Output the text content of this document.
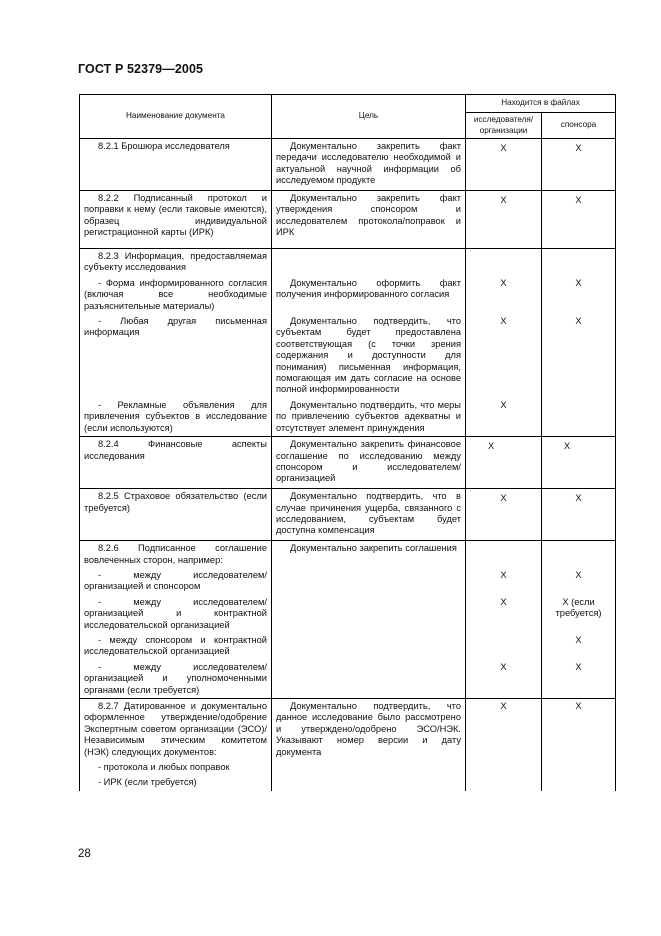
ГОСТ Р 52379—2005
Наименование документа	Цель	Находится в файлах	
		исследователя/ организации	спонсора
8.2.1 Брошюра исследователя	Документально закрепить факт передачи исследователю необходимой и актуальной научной информации об исследуемом продукте	X	X
8.2.2 Подписанный протокол и поправки к нему (если таковые имеются), образец индивидуальной регистрационной карты (ИРК)	Документально закрепить факт утверждения спонсором и исследователем протокола/поправок и ИРК	X	X
8.2.3 Информация, предоставляемая субъекту исследования			
- Форма информированного согласия (включая все необходимые разъяснительные материалы)	Документально оформить факт получения информированного согласия	X	X
- Любая другая письменная информация	Документально подтвердить, что субъектам будет предоставлена соответствующая (с точки зрения содержания и доступности для понимания) письменная информация, помогающая им дать согласие на основе полной информированности	X	X
- Рекламные объявления для привлечения субъектов в исследование (если используются)	Документально подтвердить, что меры по привлечению субъектов адекватны и отсутствует элемент принуждения	X	
8.2.4 Финансовые аспекты исследования	Документально закрепить финансовое соглашение по исследованию между спонсором и исследователем/организацией	X	X
8.2.5 Страховое обязательство (если требуется)	Документально подтвердить, что в случае причинения ущерба, связанного с исследованием, субъектам будет доступна компенсация	X	X
8.2.6 Подписанное соглашение вовлеченных сторон, например:	Документально закрепить соглашения		
- между исследователем/организацией и спонсором		X	X
- между исследователем/организацией и контрактной исследовательской организацией		X	X (если требуется)
- между спонсором и контрактной исследовательской организацией			X
- между исследователем/организацией и уполномоченными органами (если требуется)		X	X
8.2.7 Датированное и документально оформленное утверждение/одобрение Экспертным советом организации (ЭСО)/Независимым этическим комитетом (НЭК) следующих документов:	Документально подтвердить, что данное исследование было рассмотрено и утверждено/одобрено ЭСО/НЭК. Указывают номер версии и дату документа	X	X
- протокола и любых поправок			
- ИРК (если требуется)			
28
